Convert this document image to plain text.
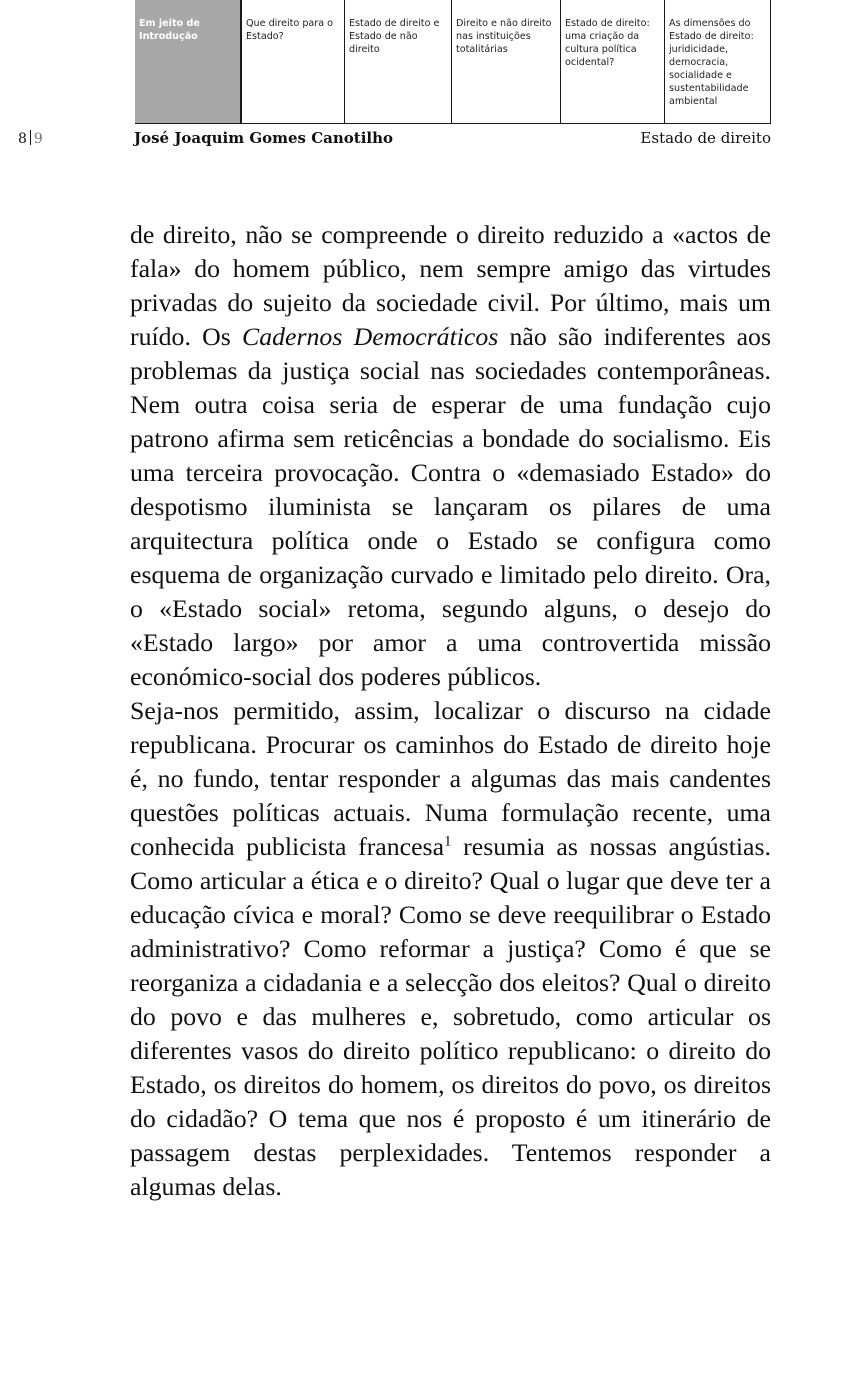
Em jeito de Introdução
Que direito para o Estado?
Estado de direito e Estado de não direito
Direito e não direito nas instituições totalitárias
Estado de direito: uma criação da cultura política ocidental?
As dimensões do Estado de direito: juridicidade, democracia, socialidade e sustentabilidade ambiental
8 9	José Joaquim Gomes Canotilho	Estado de direito

de direito, não se compreende o direito reduzido a «actos de fala» do homem público, nem sempre amigo das virtudes privadas do sujeito da sociedade civil. Por último, mais um ruído. Os Cadernos Democráticos não são indiferentes aos problemas da justiça social nas sociedades contemporâneas. Nem outra coisa seria de esperar de uma fundação cujo patrono afirma sem reticências a bondade do socialismo. Eis uma terceira provocação. Contra o «demasiado Estado» do despotismo iluminista se lançaram os pilares de uma arquitectura política onde o Estado se configura como esquema de organização curvado e limitado pelo direito. Ora, o «Estado social» retoma, segundo alguns, o desejo do «Estado largo» por amor a uma controvertida missão económico-social dos poderes públicos.

Seja-nos permitido, assim, localizar o discurso na cidade republicana. Procurar os caminhos do Estado de direito hoje é, no fundo, tentar responder a algumas das mais candentes questões políticas actuais. Numa formulação recente, uma conhecida publicista francesa$^1$ resumia as nossas angústias. Como articular a ética e o direito? Qual o lugar que deve ter a educação cívica e moral? Como se deve reequilibrar o Estado administrativo? Como reformar a justiça? Como é que se reorganiza a cidadania e a selecção dos eleitos? Qual o direito do povo e das mulheres e, sobretudo, como articular os diferentes vasos do direito político republicano: o direito do Estado, os direitos do homem, os direitos do povo, os direitos do cidadão? O tema que nos é proposto é um itinerário de passagem destas perplexidades. Tentemos responder a algumas delas.
